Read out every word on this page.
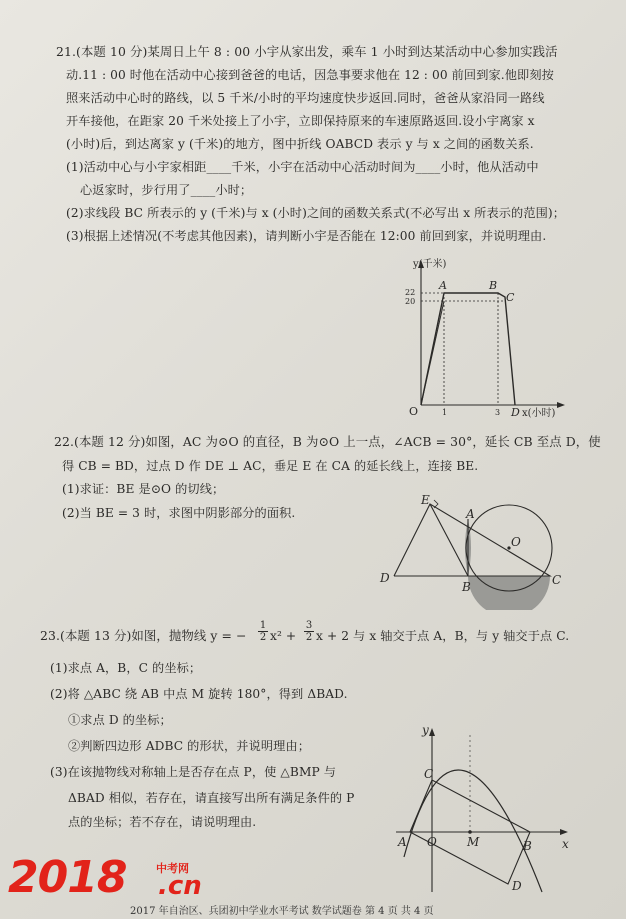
21.(本题 10 分)某周日上午 8 : 00 小宇从家出发，乘车 1 小时到达某活动中心参加实践活
动.11 : 00 时他在活动中心接到爸爸的电话，因急事要求他在 12 : 00 前回到家.他即刻按
照来活动中心时的路线，以 5 千米/小时的平均速度快步返回.同时，爸爸从家沿同一路线
开车接他，在距家 20 千米处接上了小宇，立即保持原来的车速原路返回.设小宇离家 x
(小时)后，到达离家 y (千米)的地方，图中折线 OABCD 表示 y 与 x 之间的函数关系.
(1)活动中心与小宇家相距____千米，小宇在活动中心活动时间为____小时，他从活动中
心返家时，步行用了____小时；
(2)求线段 BC 所表示的 y (千米)与 x (小时)之间的函数关系式(不必写出 x 所表示的范围)；
(3)根据上述情况(不考虑其他因素)，请判断小宇是否能在 12:00 前回到家，并说明理由.
y(千米)
22
20
O	1	3
A	B
C
D x(小时)
22.(本题 12 分)如图，AC 为⊙O 的直径，B 为⊙O 上一点，∠ACB = 30°，延长 CB 至点 D，使
得 CB = BD，过点 D 作 DE ⊥ AC，垂足 E 在 CA 的延长线上，连接 BE.
(1)求证：BE 是⊙O 的切线；
(2)当 BE = 3 时，求图中阴影部分的面积.
E
A
O
D
B	C
23.(本题 13 分)如图，抛物线 y = − $\frac{1}{2} x^2 + \frac{3}{2}$ x + 2 与 x 轴交于点 A，B，与 y 轴交于点 C.
(1)求点 A，B，C 的坐标；
(2)将 △ABC 绕 AB 中点 M 旋转 180°，得到 ΔBAD.
①求点 D 的坐标；
②判断四边形 ADBC 的形状，并说明理由；
(3)在该抛物线对称轴上是否存在点 P，使 △BMP 与
ΔBAD 相似，若存在，请直接写出所有满足条件的 P
点的坐标；若不存在，请说明理由.
y
x
C
A O	M	B
D
2018	中考网
.cn
2017 年自治区、兵团初中学业水平考试 数学试题卷 第 4 页 共 4 页
